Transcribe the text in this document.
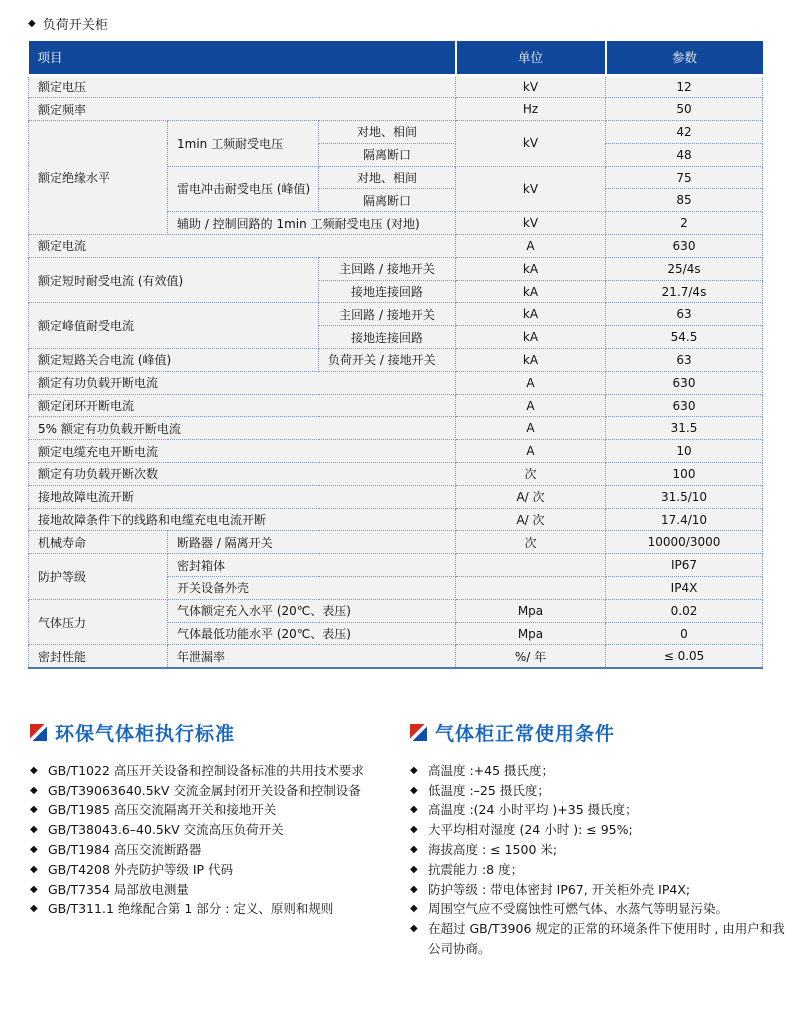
◆ 负荷开关柜
项目			单位	参数
额定电压			kV	12
额定频率			Hz	50
额定绝缘水平	1min 工频耐受电压	对地、相间	kV	42
		隔离断口		48
	雷电冲击耐受电压 (峰值)	对地、相间	kV	75
		隔离断口		85
	辅助 / 控制回路的 1min 工频耐受电压 (对地)		kV	2
额定电流			A	630
额定短时耐受电流 (有效值)		主回路 / 接地开关	kA	25/4s
		接地连接回路	kA	21.7/4s
额定峰值耐受电流		主回路 / 接地开关	kA	63
		接地连接回路	kA	54.5
额定短路关合电流 (峰值)		负荷开关 / 接地开关	kA	63
额定有功负载开断电流			A	630
额定闭环开断电流			A	630
5% 额定有功负载开断电流			A	31.5
额定电缆充电开断电流			A	10
额定有功负载开断次数			次	100
接地故障电流开断			A/ 次	31.5/10
接地故障条件下的线路和电缆充电电流开断			A/ 次	17.4/10
机械寿命	断路器 / 隔离开关		次	10000/3000
防护等级	密封箱体			IP67
	开关设备外壳			IP4X
气体压力	气体额定充入水平 (20℃、表压)		Mpa	0.02
	气体最低功能水平 (20℃、表压)		Mpa	0
密封性能	年泄漏率		%/ 年	≤ 0.05
环保气体柜执行标准
◆ GB/T1022 高压开关设备和控制设备标准的共用技术要求
◆ GB/T39063640.5kV 交流金属封闭开关设备和控制设备
◆ GB/T1985 高压交流隔离开关和接地开关
◆ GB/T38043.6–40.5kV 交流高压负荷开关
◆ GB/T1984 高压交流断路器
◆ GB/T4208 外壳防护等级 IP 代码
◆ GB/T7354 局部放电测量
◆ GB/T311.1 绝缘配合第 1 部分 : 定义、原则和规则
气体柜正常使用条件
◆ 高温度 :+45 摄氏度；
◆ 低温度 :–25 摄氏度；
◆ 高温度 :(24 小时平均 )+35 摄氏度；
◆ 大平均相对湿度 (24 小时 ): ≤ 95%;
◆ 海拔高度 : ≤ 1500 米;
◆ 抗震能力 :8 度；
◆ 防护等级 : 带电体密封 IP67, 开关柜外壳 IP4X;
◆ 周围空气应不受腐蚀性可燃气体、水蒸气等明显污染。
◆ 在超过 GB/T3906 规定的正常的环境条件下使用时 , 由用户和我公司协商。
